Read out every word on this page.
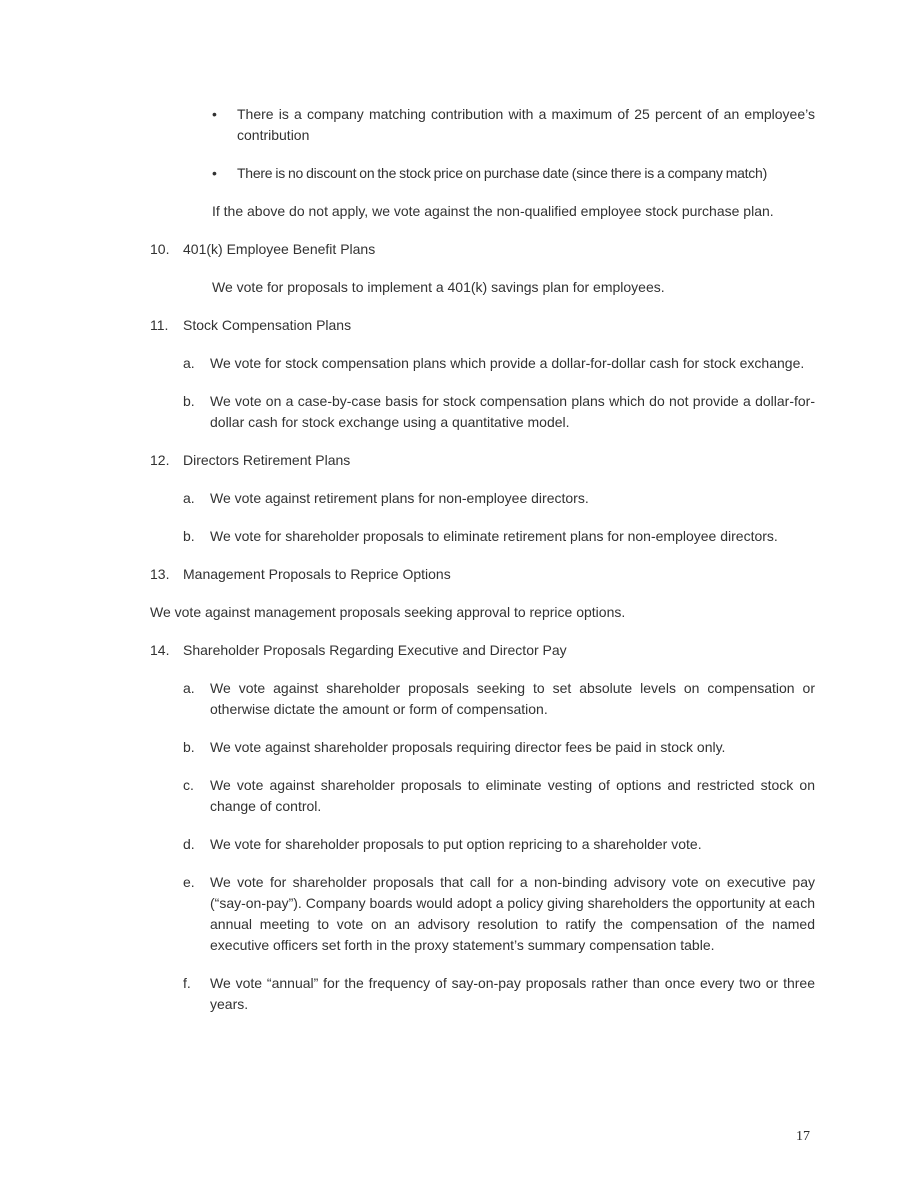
•	There is a company matching contribution with a maximum of 25 percent of an employee’s contribution
•	There is no discount on the stock price on purchase date (since there is a company match)

If the above do not apply, we vote against the non-qualified employee stock purchase plan.

10. 401(k) Employee Benefit Plans

We vote for proposals to implement a 401(k) savings plan for employees.

11.	Stock Compensation Plans
a.	We vote for stock compensation plans which provide a dollar-for-dollar cash for stock exchange.
b.	We vote on a case-by-case basis for stock compensation plans which do not provide a dollar-for-dollar cash for stock exchange using a quantitative model.
12. Directors Retirement Plans
a.	We vote against retirement plans for non-employee directors.
b.	We vote for shareholder proposals to eliminate retirement plans for non-employee directors.
13. Management Proposals to Reprice Options

We vote against management proposals seeking approval to reprice options.

14. Shareholder Proposals Regarding Executive and Director Pay
a.	We vote against shareholder proposals seeking to set absolute levels on compensation or otherwise dictate the amount or form of compensation.
b.	We vote against shareholder proposals requiring director fees be paid in stock only.
c.	We vote against shareholder proposals to eliminate vesting of options and restricted stock on change of control.
d.	We vote for shareholder proposals to put option repricing to a shareholder vote.
e.	We vote for shareholder proposals that call for a non-binding advisory vote on executive pay (“say-on-pay”). Company boards would adopt a policy giving shareholders the opportunity at each annual meeting to vote on an advisory resolution to ratify the compensation of the named executive officers set forth in the proxy statement’s summary compensation table.
f.	We vote “annual” for the frequency of say-on-pay proposals rather than once every two or three years.
17
